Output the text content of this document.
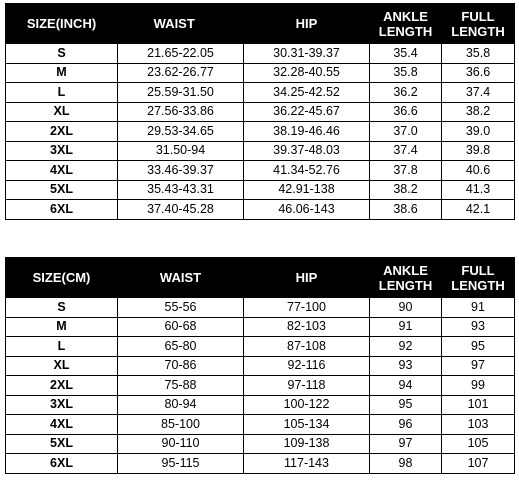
SIZE(INCH)	WAISTㅤ	HIP	ANKLE LENGTH	FULL LENGTH
S	21.65-22.05	30.31-39.37	35.4	35.8
M	23.62-26.77	32.28-40.55	35.8	36.6
L	25.59-31.50	34.25-42.52	36.2	37.4
XL	27.56-33.86	36.22-45.67	36.6	38.2
2XL	29.53-34.65	38.19-46.46	37.0	39.0
3XL	31.50-94	39.37-48.03	37.4	39.8
4XL	33.46-39.37	41.34-52.76	37.8	40.6
5XL	35.43-43.31	42.91-138	38.2	41.3
6XL	37.40-45.28	46.06-143	38.6	42.1
SIZE(CM)	WAIST	HIP	ANKLE LENGTH	FULL LENGTH
S	55-56	77-100	90	91
M	60-68	82-103	91	93
L	65-80	87-108	92	95
XL	70-86	92-116	93	97
2XL	75-88	97-118	94	99
3XL	80-94	100-122	95	101
4XL	85-100	105-134	96	103
5XL	90-110	109-138	97	105
6XL	95-115	117-143	98	107
